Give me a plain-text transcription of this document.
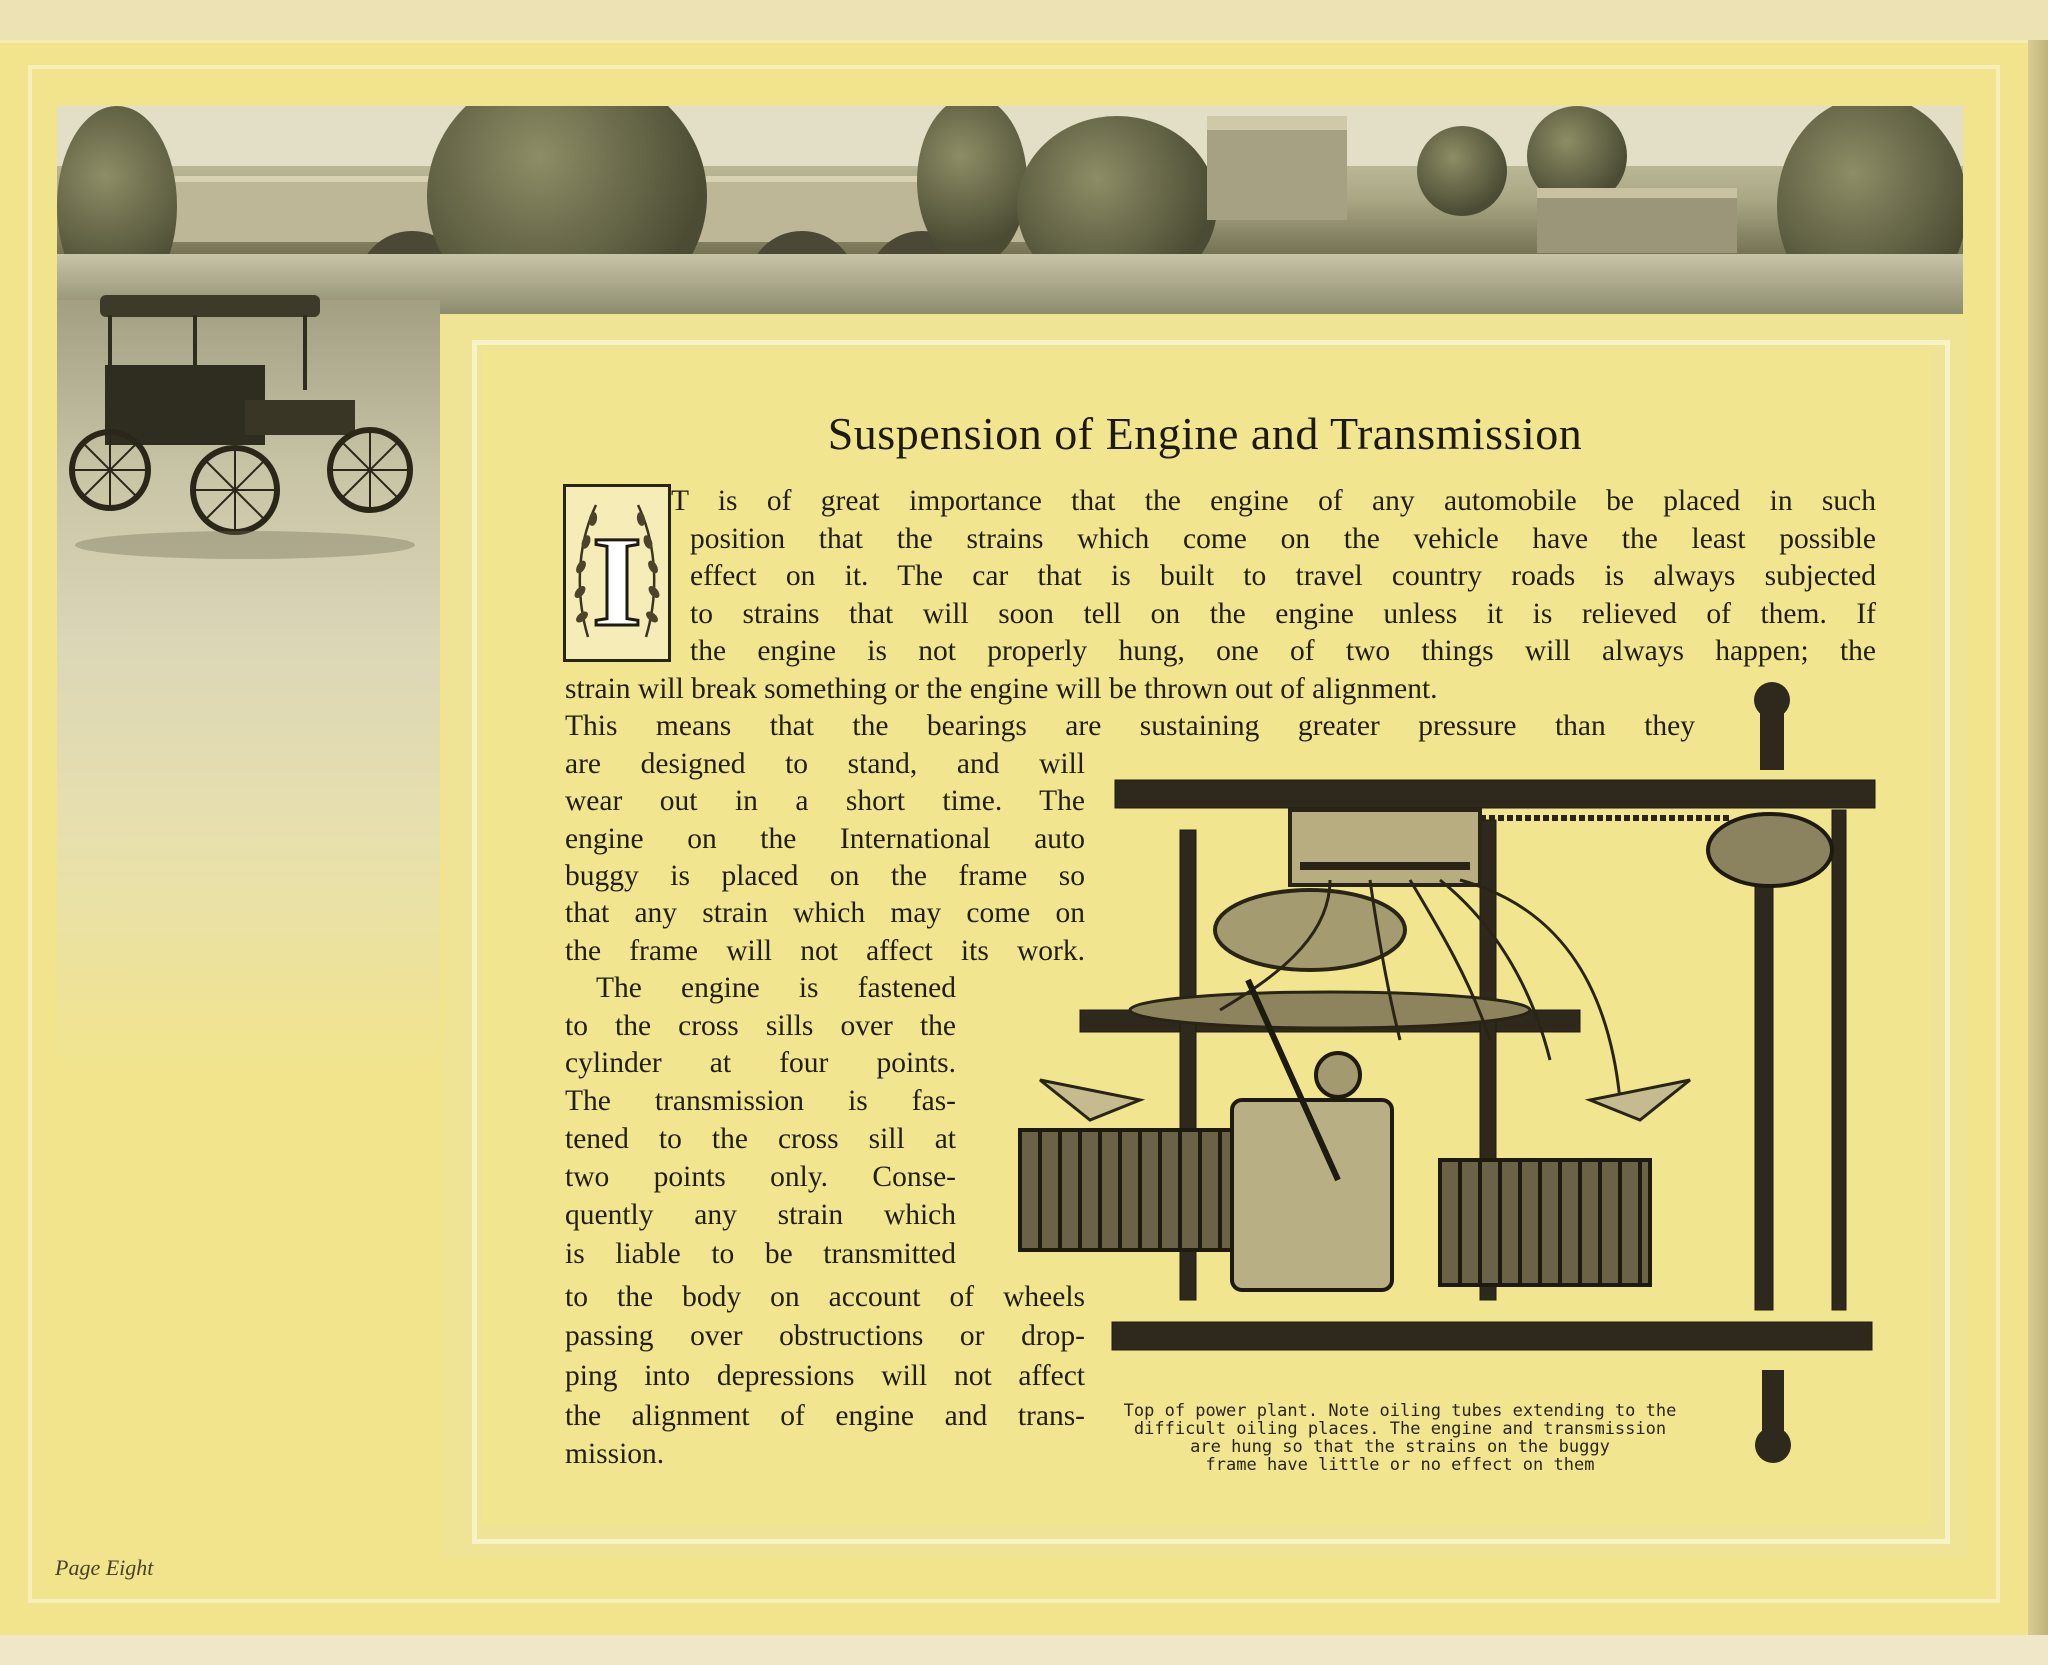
Suspension of Engine and Transmission
I
T is of great importance that the engine of any automobile be placed in such
position that the strains which come on the vehicle have the least possible
effect on it. The car that is built to travel country roads is always subjected
to strains that will soon tell on the engine unless it is relieved of them. If
the engine is not properly hung, one of two things will always happen; the
strain will break something or the engine will be thrown out of alignment.
This means that the bearings are sustaining greater pressure than they
are designed to stand, and will
wear out in a short time. The
engine on the International auto
buggy is placed on the frame so
that any strain which may come on
the frame will not affect its work.
The engine is fastened
to the cross sills over the
cylinder at four points.
The transmission is fas-
tened to the cross sill at
two points only. Conse-
quently any strain which
is liable to be transmitted
to the body on account of wheels
passing over obstructions or drop-
ping into depressions will not affect
the alignment of engine and trans-
mission.

Top of power plant. Note oiling tubes extending to the
difficult oiling places. The engine and transmission
are hung so that the strains on the buggy
frame have little or no effect on them

Page Eight
